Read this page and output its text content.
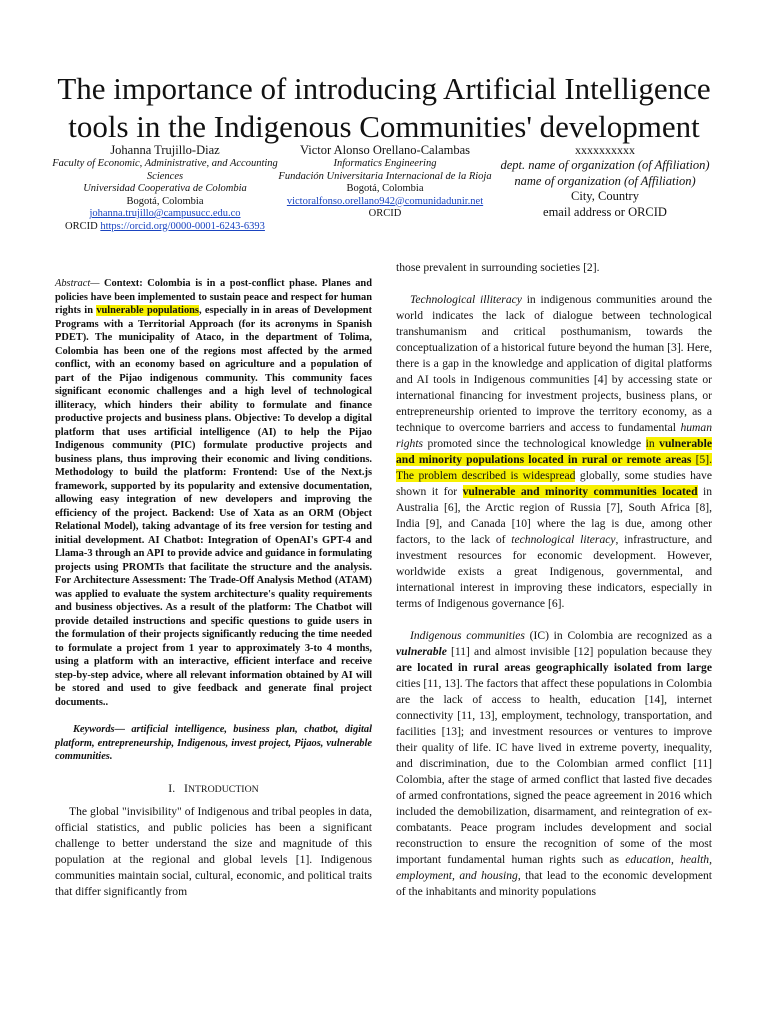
The importance of introducing Artificial Intelligence tools in the Indigenous Communities' development
Johanna Trujillo-Diaz
Faculty of Economic, Administrative, and Accounting Sciences
Universidad Cooperativa de Colombia
Bogotá, Colombia
johanna.trujillo@campusucc.edu.co
ORCID https://orcid.org/0000-0001-6243-6393
Victor Alonso Orellano-Calambas
Informatics Engineering
Fundación Universitaria Internacional de la Rioja
Bogotá, Colombia
victoralfonso.orellano942@comunidadunir.net
ORCID
xxxxxxxxxx
dept. name of organization (of Affiliation)
name of organization (of Affiliation)
City, Country
email address or ORCID

Abstract— Context: Colombia is in a post-conflict phase. Planes and policies have been implemented to sustain peace and respect for human rights in vulnerable populations, especially in in areas of Development Programs with a Territorial Approach (for its acronyms in Spanish PDET). The municipality of Ataco, in the department of Tolima, Colombia has been one of the regions most affected by the armed conflict, with an economy based on agriculture and a population of part of the Pijao indigenous community. This community faces significant economic challenges and a high level of technological illiteracy, which hinders their ability to formulate and finance productive projects and business plans. Objective: To develop a digital platform that uses artificial intelligence (AI) to help the Pijao Indigenous community (PIC) formulate productive projects and business plans, thus improving their economic and living conditions. Methodology to build the platform: Frontend: Use of the Next.js framework, supported by its popularity and extensive documentation, allowing easy integration of new developers and improving the efficiency of the project. Backend: Use of Xata as an ORM (Object Relational Model), taking advantage of its free version for testing and initial development. AI Chatbot: Integration of OpenAI's GPT-4 and Llama-3 through an API to provide advice and guidance in formulating projects using PROMTs that facilitate the structure and the analysis. For Architecture Assessment: The Trade-Off Analysis Method (ATAM) was applied to evaluate the system architecture's quality requirements and business objectives. As a result of the platform: The Chatbot will provide detailed instructions and specific questions to guide users in the formulation of their projects significantly reducing the time needed to formulate a project from 1 year to approximately 3-to 4 months, using a platform with an interactive, efficient interface and receive step-by-step advice, where all relevant information obtained by AI will be stored and used to give feedback and generate final project documents..

Keywords— artificial intelligence, business plan, chatbot, digital platform, entrepreneurship, Indigenous, invest project, Pijaos, vulnerable communities.

I. INTRODUCTION

The global "invisibility" of Indigenous and tribal peoples in data, official statistics, and public policies has been a significant challenge to better understand the size and magnitude of this population at the regional and global levels [1]. Indigenous communities maintain social, cultural, economic, and political traits that differ significantly from

those prevalent in surrounding societies [2].

Technological illiteracy in indigenous communities around the world indicates the lack of dialogue between technological transhumanism and critical posthumanism, towards the conceptualization of a historical future beyond the human [3]. Here, there is a gap in the knowledge and application of digital platforms and AI tools in Indigenous communities [4] by accessing state or international financing for investment projects, business plans, or entrepreneurship oriented to improve the territory economy, as a technique to overcome barriers and access to fundamental human rights promoted since the technological knowledge in vulnerable and minority populations located in rural or remote areas [5]. The problem described is widespread globally, some studies have shown it for vulnerable and minority communities located in Australia [6], the Arctic region of Russia [7], South Africa [8], India [9], and Canada [10] where the lag is due, among other factors, to the lack of technological literacy, infrastructure, and investment resources for economic development. However, worldwide exists a great Indigenous, governmental, and international interest in improving these indicators, especially in terms of Indigenous governance [6].

Indigenous communities (IC) in Colombia are recognized as a vulnerable [11] and almost invisible [12] population because they are located in rural areas geographically isolated from large cities [11, 13]. The factors that affect these populations in Colombia are the lack of access to health, education [14], internet connectivity [11, 13], employment, technology, transportation, and facilities [13]; and investment resources or ventures to improve their quality of life. IC have lived in extreme poverty, inequality, and discrimination, due to the Colombian armed conflict [11] Colombia, after the stage of armed conflict that lasted five decades of armed confrontations, signed the peace agreement in 2016 which included the demobilization, disarmament, and reintegration of ex-combatants. Peace program includes development and social reconstruction to ensure the recognition of some of the most important fundamental human rights such as education, health, employment, and housing, that lead to the economic development of the inhabitants and minority populations
